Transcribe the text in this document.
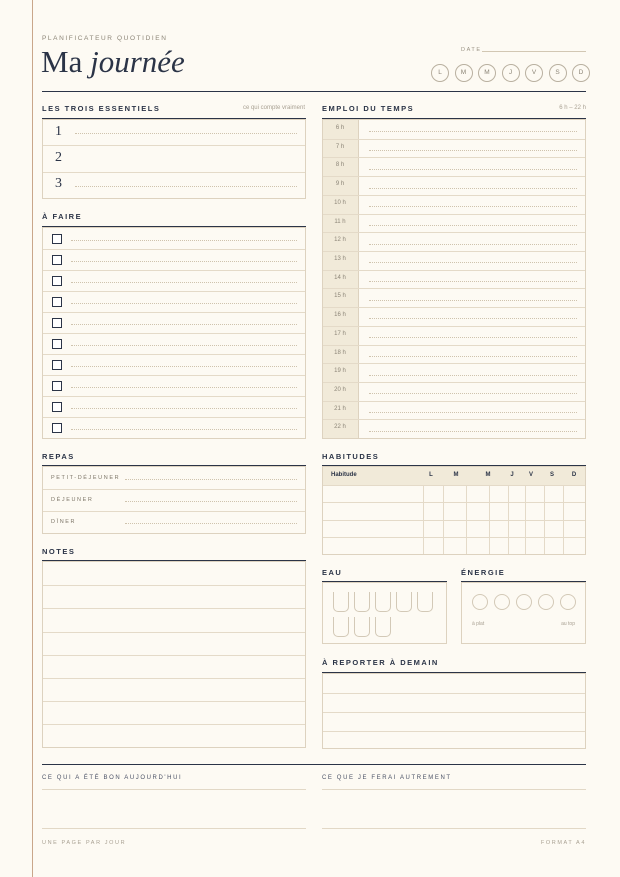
PLANIFICATEUR QUOTIDIEN
Ma journée	DATE
L	M	M	J	V	S	D
LES TROIS ESSENTIELS	ce qui compte vraiment
1
2
3
À FAIRE
EMPLOI DU TEMPS	6 h – 22 h
6 h
7 h
8 h
9 h
10 h
11 h
12 h
13 h
14 h
15 h
16 h
17 h
18 h
19 h
20 h
21 h
22 h
REPAS
PETIT-DÉJEUNER
DÉJEUNER
DÎNER
HABITUDES
Habitude	L	M	M	J	V	S	D
NOTES
EAU	ÉNERGIE
à plat	au top
À REPORTER À DEMAIN
CE QUI A ÉTÉ BON AUJOURD'HUI	CE QUE JE FERAI AUTREMENT
UNE PAGE PAR JOUR	FORMAT A4
